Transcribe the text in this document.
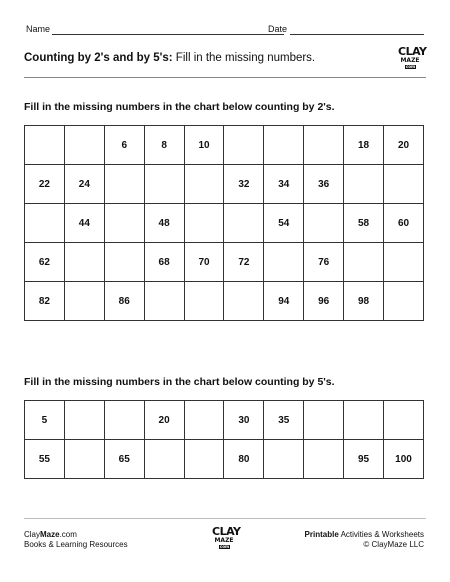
Name	Date
Counting by 2's and by 5's: Fill in the missing numbers.	CLAY
MAZEcom
Fill in the missing numbers in the chart below counting by 2's.
		6	8	10				18	20
22	24				32	34	36		
	44		48			54		58	60
62			68	70	72		76		
82		86				94	96	98	
Fill in the missing numbers in the chart below counting by 5's.
5			20		30	35			
55		65			80			95	100
ClayMaze.com
Books & Learning Resources
CLAY
MAZEcom
Printable Activities & Worksheets
© ClayMaze LLC
